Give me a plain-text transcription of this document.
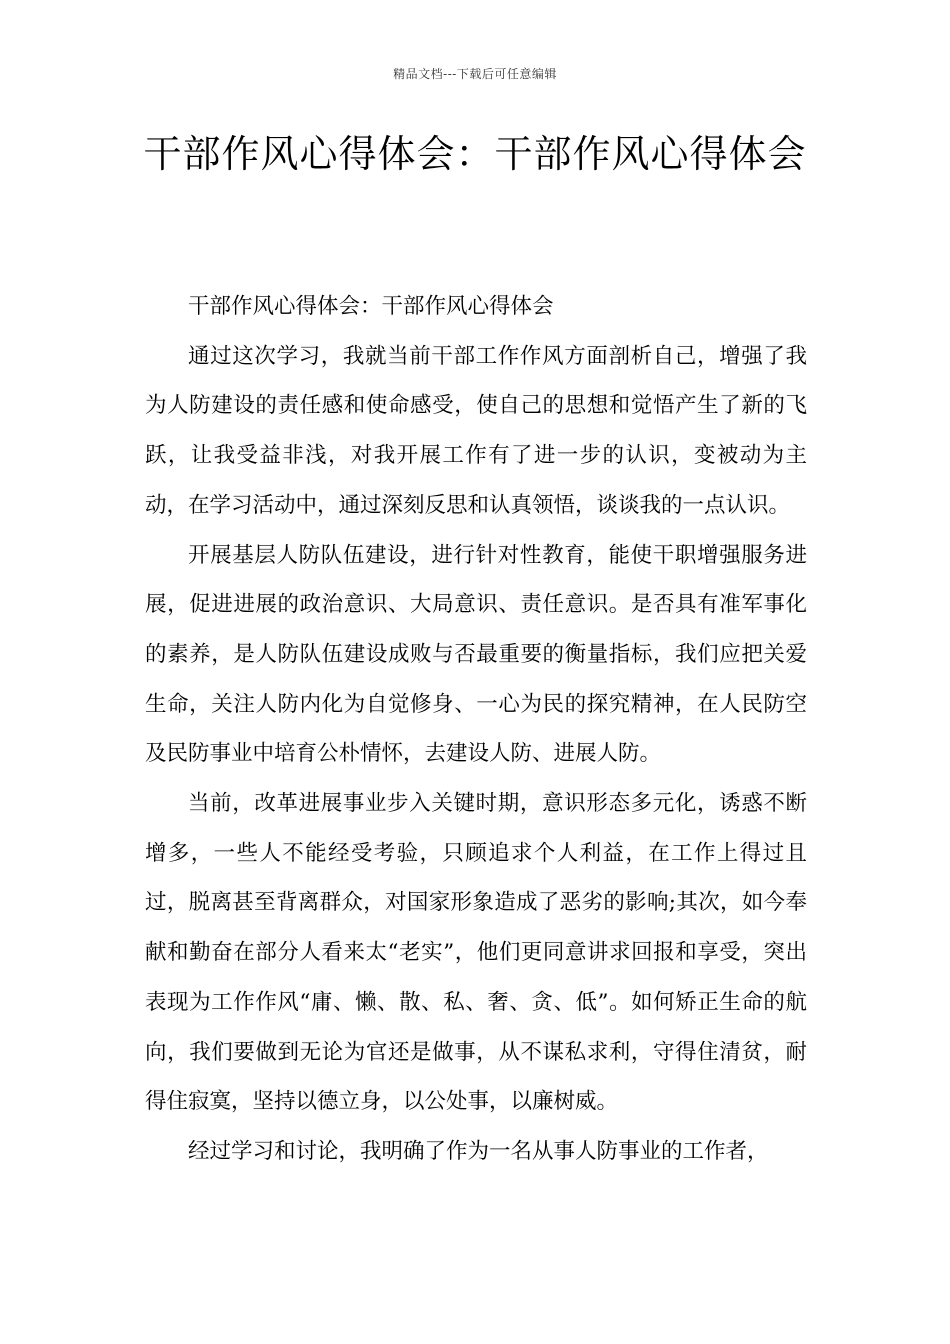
精品文档---下载后可任意编辑
干部作风心得体会：干部作风心得体会

干部作风心得体会：干部作风心得体会

通过这次学习，我就当前干部工作作风方面剖析自己，增强了我为人防建设的责任感和使命感受，使自己的思想和觉悟产生了新的飞跃，让我受益非浅，对我开展工作有了进一步的认识，变被动为主动，在学习活动中，通过深刻反思和认真领悟，谈谈我的一点认识。

开展基层人防队伍建设，进行针对性教育，能使干职增强服务进展，促进进展的政治意识、大局意识、责任意识。是否具有准军事化的素养，是人防队伍建设成败与否最重要的衡量指标，我们应把关爱生命，关注人防内化为自觉修身、一心为民的探究精神，在人民防空及民防事业中培育公朴情怀，去建设人防、进展人防。

当前，改革进展事业步入关键时期，意识形态多元化，诱惑不断增多，一些人不能经受考验，只顾追求个人利益，在工作上得过且过，脱离甚至背离群众，对国家形象造成了恶劣的影响;其次，如今奉献和勤奋在部分人看来太“老实”，他们更同意讲求回报和享受，突出表现为工作作风“庸、懒、散、私、奢、贪、低”。如何矫正生命的航向，我们要做到无论为官还是做事，从不谋私求利，守得住清贫，耐得住寂寞，坚持以德立身，以公处事，以廉树威。

经过学习和讨论，我明确了作为一名从事人防事业的工作者，
